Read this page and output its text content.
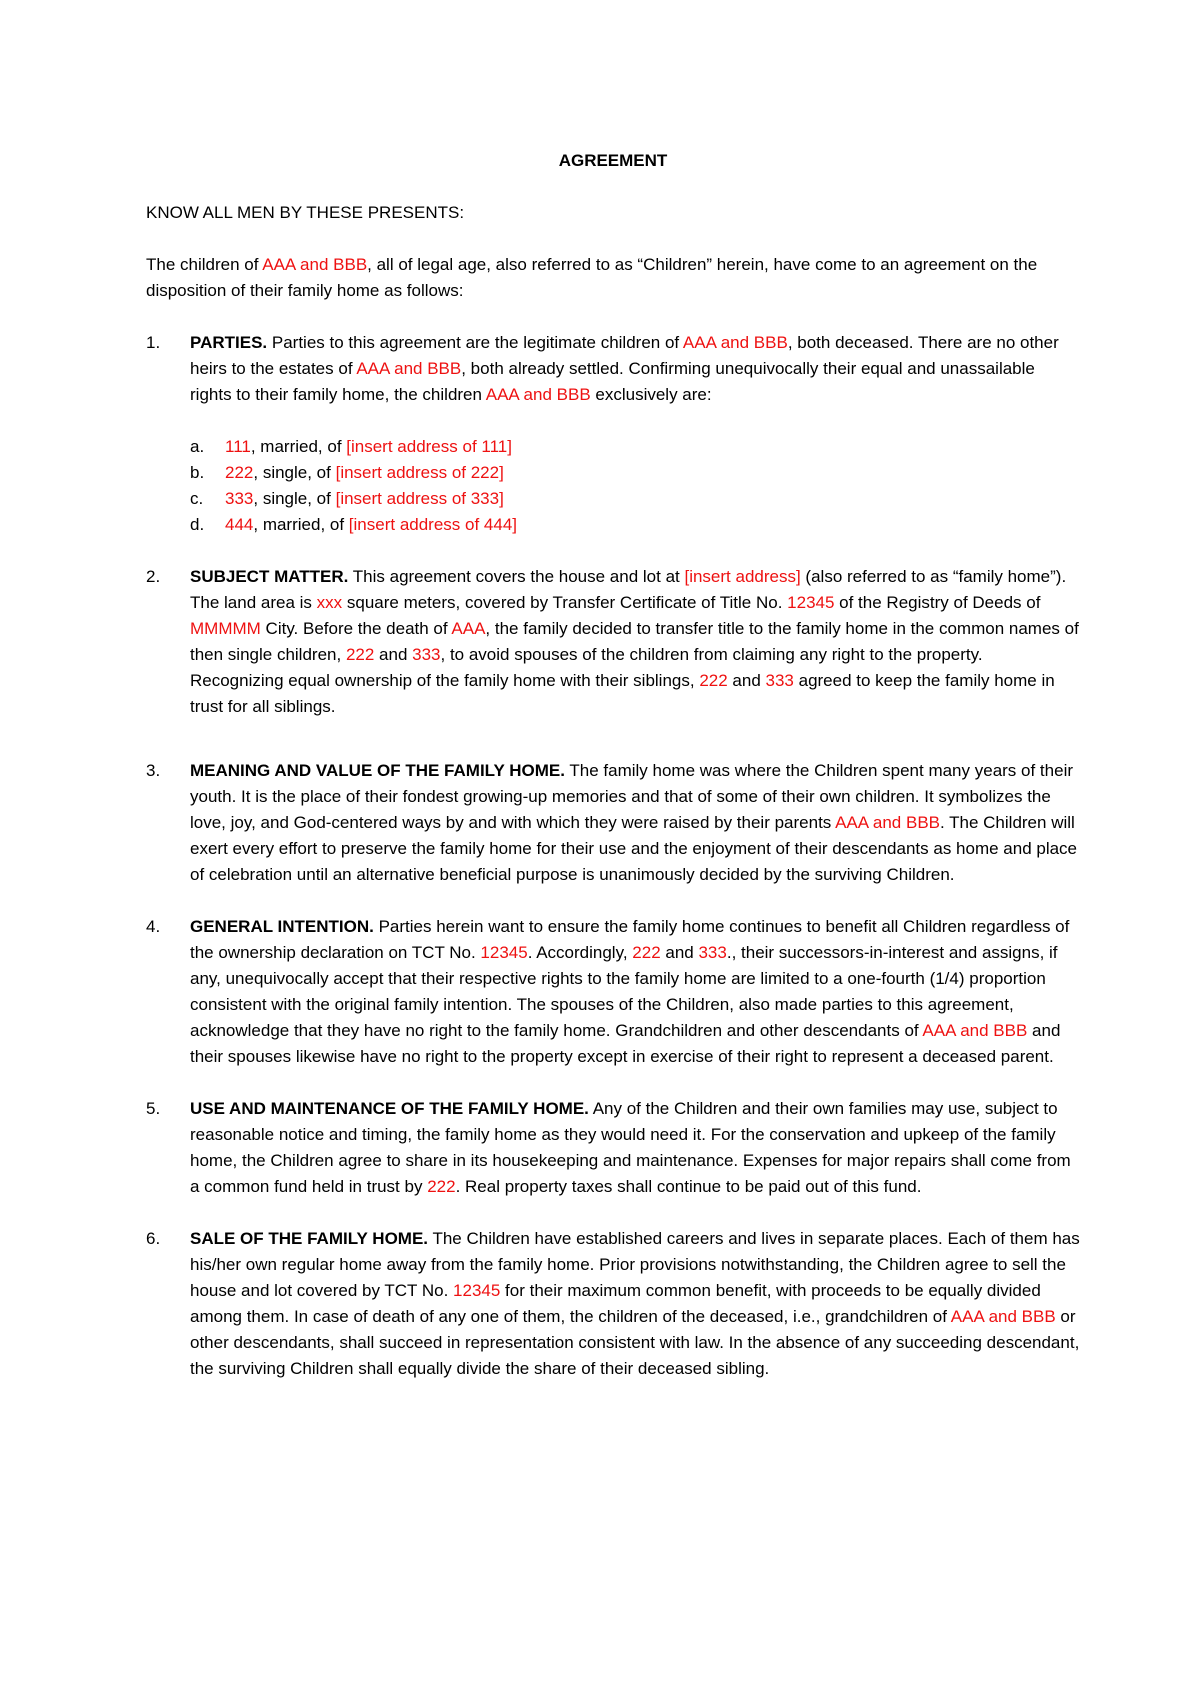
AGREEMENT

KNOW ALL MEN BY THESE PRESENTS:

The children of AAA and BBB, all of legal age, also referred to as “Children” herein, have come to an agreement on the disposition of their family home as follows:

1. PARTIES. Parties to this agreement are the legitimate children of AAA and BBB, both deceased. There are no other heirs to the estates of AAA and BBB, both already settled. Confirming unequivocally their equal and unassailable rights to their family home, the children AAA and BBB exclusively are:
a. 111, married, of [insert address of 111]
b. 222, single, of [insert address of 222]
c. 333, single, of [insert address of 333]
d. 444, married, of [insert address of 444]
2. SUBJECT MATTER. This agreement covers the house and lot at [insert address] (also referred to as “family home”). The land area is xxx square meters, covered by Transfer Certificate of Title No. 12345 of the Registry of Deeds of MMMMM City. Before the death of AAA, the family decided to transfer title to the family home in the common names of then single children, 222 and 333, to avoid spouses of the children from claiming any right to the property. Recognizing equal ownership of the family home with their siblings, 222 and 333 agreed to keep the family home in trust for all siblings.
3. MEANING AND VALUE OF THE FAMILY HOME. The family home was where the Children spent many years of their youth. It is the place of their fondest growing-up memories and that of some of their own children. It symbolizes the love, joy, and God-centered ways by and with which they were raised by their parents AAA and BBB. The Children will exert every effort to preserve the family home for their use and the enjoyment of their descendants as home and place of celebration until an alternative beneficial purpose is unanimously decided by the surviving Children.
4. GENERAL INTENTION. Parties herein want to ensure the family home continues to benefit all Children regardless of the ownership declaration on TCT No. 12345. Accordingly, 222 and 333., their successors-in-interest and assigns, if any, unequivocally accept that their respective rights to the family home are limited to a one-fourth (1/4) proportion consistent with the original family intention. The spouses of the Children, also made parties to this agreement, acknowledge that they have no right to the family home. Grandchildren and other descendants of AAA and BBB and their spouses likewise have no right to the property except in exercise of their right to represent a deceased parent.
5. USE AND MAINTENANCE OF THE FAMILY HOME. Any of the Children and their own families may use, subject to reasonable notice and timing, the family home as they would need it. For the conservation and upkeep of the family home, the Children agree to share in its housekeeping and maintenance. Expenses for major repairs shall come from a common fund held in trust by 222. Real property taxes shall continue to be paid out of this fund.
6. SALE OF THE FAMILY HOME. The Children have established careers and lives in separate places. Each of them has his/her own regular home away from the family home. Prior provisions notwithstanding, the Children agree to sell the house and lot covered by TCT No. 12345 for their maximum common benefit, with proceeds to be equally divided among them. In case of death of any one of them, the children of the deceased, i.e., grandchildren of AAA and BBB or other descendants, shall succeed in representation consistent with law. In the absence of any succeeding descendant, the surviving Children shall equally divide the share of their deceased sibling.
